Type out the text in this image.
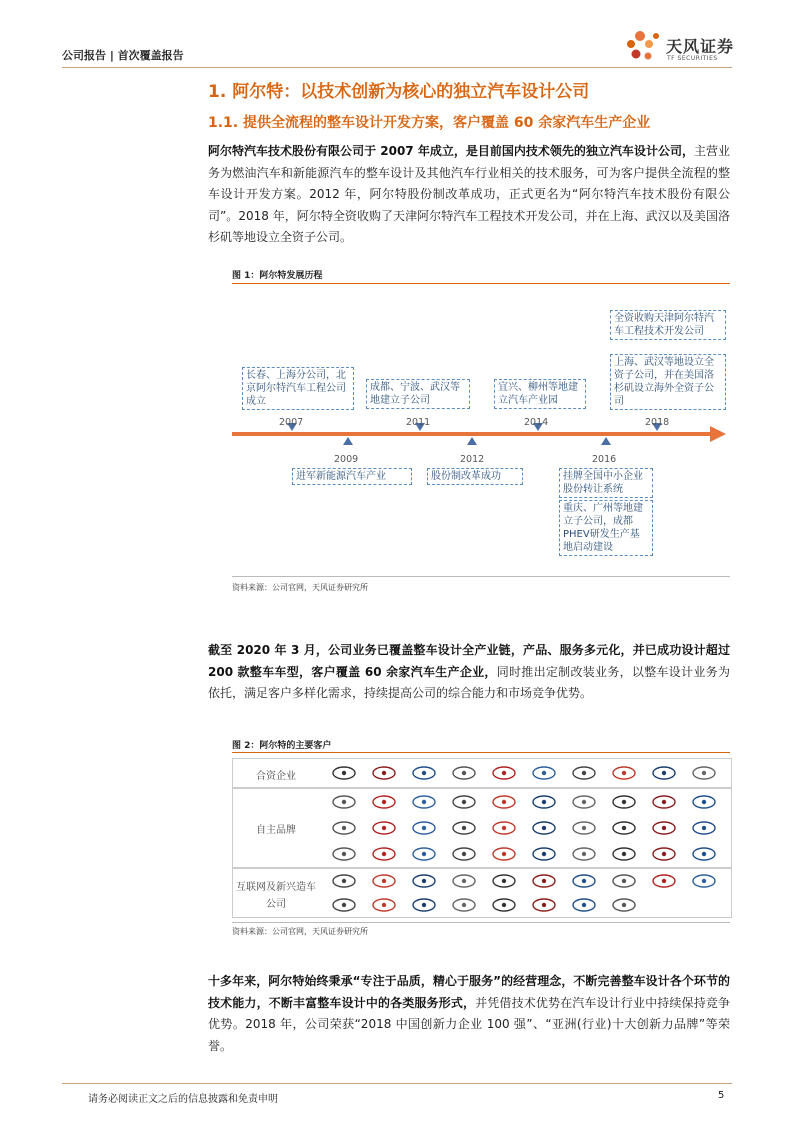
公司报告 | 首次覆盖报告	天风证券
TF SECURITIES
1. 阿尔特：以技术创新为核心的独立汽车设计公司
1.1. 提供全流程的整车设计开发方案，客户覆盖 60 余家汽车生产企业
阿尔特汽车技术股份有限公司于 2007 年成立，是目前国内技术领先的独立汽车设计公司，主营业务为燃油汽车和新能源汽车的整车设计及其他汽车行业相关的技术服务，可为客户提供全流程的整车设计开发方案。2012 年，阿尔特股份制改革成功，正式更名为“阿尔特汽车技术股份有限公司”。2018 年，阿尔特全资收购了天津阿尔特汽车工程技术开发公司，并在上海、武汉以及美国洛杉矶等地设立全资子公司。
图 1：阿尔特发展历程
2007
2009
2011
2012
2014
2016
2018
长春、上海分公司，北京阿尔特汽车工程公司成立
进军新能源汽车产业
成都、宁波、武汉等地建立子公司
股份制改革成功
宜兴、柳州等地建立汽车产业园
挂牌全国中小企业股份转让系统
重庆、广州等地建立子公司，成都PHEV研发生产基地启动建设
全资收购天津阿尔特汽车工程技术开发公司
上海、武汉等地设立全资子公司，并在美国洛杉矶设立海外全资子公司
资料来源：公司官网，天风证券研究所
截至 2020 年 3 月，公司业务已覆盖整车设计全产业链，产品、服务多元化，并已成功设计超过 200 款整车车型，客户覆盖 60 余家汽车生产企业，同时推出定制改装业务，以整车设计业务为依托，满足客户多样化需求，持续提高公司的综合能力和市场竞争优势。
图 2：阿尔特的主要客户
合资企业
自主品牌
互联网及新兴造车公司
资料来源：公司官网，天风证券研究所
十多年来，阿尔特始终秉承“专注于品质，精心于服务”的经营理念，不断完善整车设计各个环节的技术能力，不断丰富整车设计中的各类服务形式，并凭借技术优势在汽车设计行业中持续保持竞争优势。2018 年，公司荣获“2018 中国创新力企业 100 强”、“亚洲(行业)十大创新力品牌”等荣誉。
请务必阅读正文之后的信息披露和免责申明	5
